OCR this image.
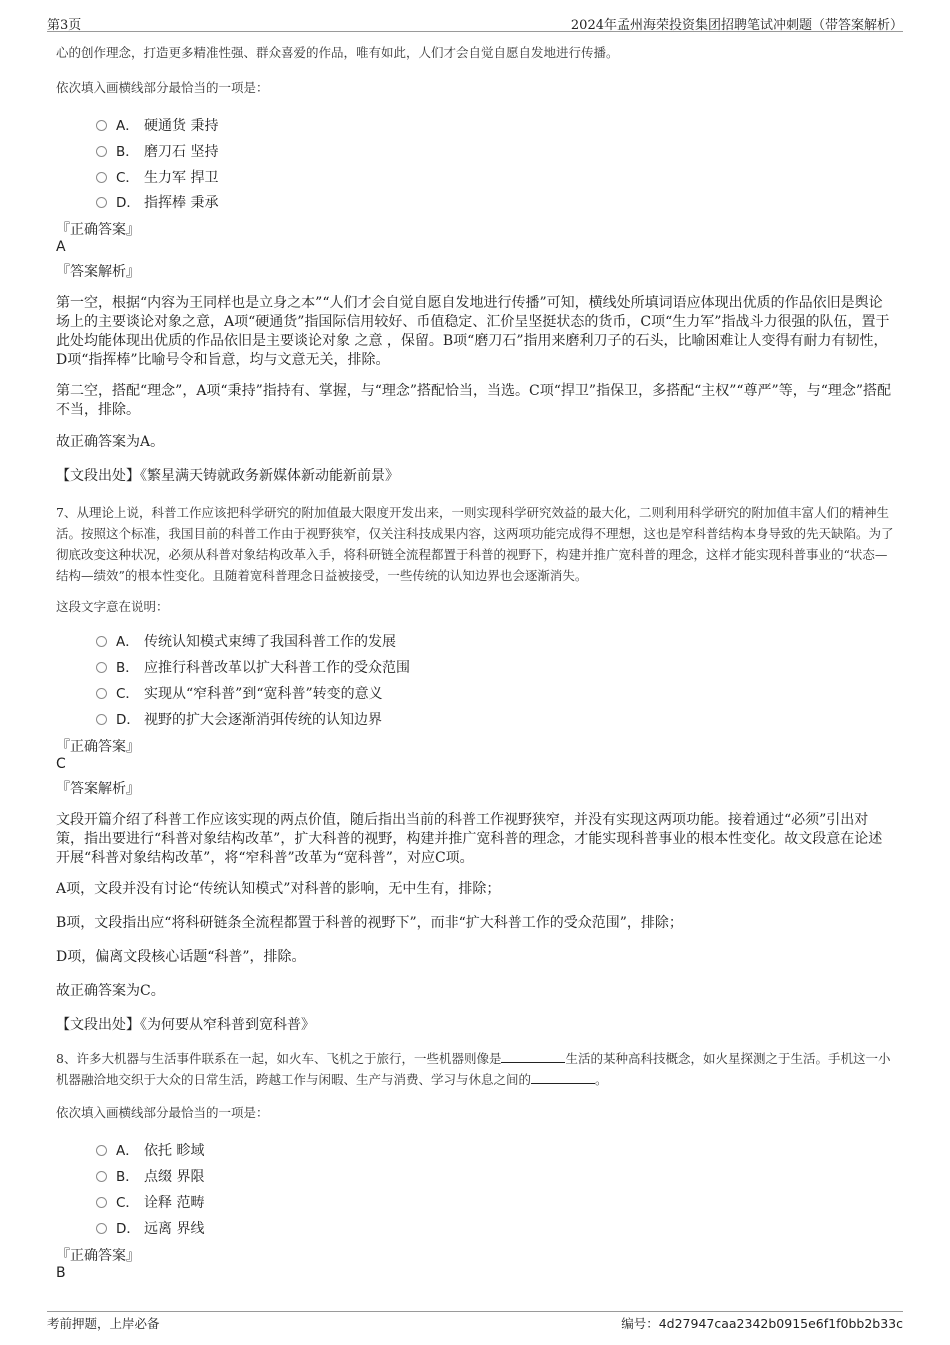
第3页	2024年孟州海荣投资集团招聘笔试冲刺题（带答案解析）
心的创作理念，打造更多精准性强、群众喜爱的作品，唯有如此，人们才会自觉自愿自发地进行传播。
依次填入画横线部分最恰当的一项是：
A． 硬通货 秉持
B． 磨刀石 坚持
C． 生力军 捍卫
D． 指挥棒 秉承
『正确答案』
A
『答案解析』
第一空，根据“内容为王同样也是立身之本”“人们才会自觉自愿自发地进行传播”可知，横线处所填词语应体现出优质的作品依旧是舆论场上的主要谈论对象之意，A项“硬通货”指国际信用较好、币值稳定、汇价呈坚挺状态的货币，C项“生力军”指战斗力很强的队伍，置于此处均能体现出优质的作品依旧是主要谈论对象 之意 ，保留。B项“磨刀石”指用来磨利刀子的石头，比喻困难让人变得有耐力有韧性，D项“指挥棒”比喻号令和旨意，均与文意无关，排除。
第二空，搭配“理念”，A项“秉持”指持有、掌握，与“理念”搭配恰当，当选。C项“捍卫”指保卫，多搭配“主权”“尊严”等，与“理念”搭配不当，排除。
故正确答案为A。
【文段出处】《繁星满天铸就政务新媒体新动能新前景》
7、从理论上说，科普工作应该把科学研究的附加值最大限度开发出来，一则实现科学研究效益的最大化，二则利用科学研究的附加值丰富人们的精神生活。按照这个标准，我国目前的科普工作由于视野狭窄，仅关注科技成果内容，这两项功能完成得不理想，这也是窄科普结构本身导致的先天缺陷。为了彻底改变这种状况，必须从科普对象结构改革入手，将科研链全流程都置于科普的视野下，构建并推广宽科普的理念，这样才能实现科普事业的“状态—结构—绩效”的根本性变化。且随着宽科普理念日益被接受，一些传统的认知边界也会逐渐消失。
这段文字意在说明：
A． 传统认知模式束缚了我国科普工作的发展
B． 应推行科普改革以扩大科普工作的受众范围
C． 实现从“窄科普”到“宽科普”转变的意义
D． 视野的扩大会逐渐消弭传统的认知边界
『正确答案』
C
『答案解析』
文段开篇介绍了科普工作应该实现的两点价值，随后指出当前的科普工作视野狭窄，并没有实现这两项功能。接着通过“必须”引出对策，指出要进行“科普对象结构改革”，扩大科普的视野，构建并推广宽科普的理念，才能实现科普事业的根本性变化。故文段意在论述开展“科普对象结构改革”，将“窄科普”改革为“宽科普”，对应C项。
A项，文段并没有讨论“传统认知模式”对科普的影响，无中生有，排除；
B项，文段指出应“将科研链条全流程都置于科普的视野下”，而非“扩大科普工作的受众范围”，排除；
D项，偏离文段核心话题“科普”，排除。
故正确答案为C。
【文段出处】《为何要从窄科普到宽科普》
8、许多大机器与生活事件联系在一起，如火车、飞机之于旅行，一些机器则像是	生活的某种高科技概念，如火星探测之于生活。手机这一小机器融洽地交织于大众的日常生活，跨越工作与闲暇、生产与消费、学习与休息之间的	。
依次填入画横线部分最恰当的一项是：
A． 依托 畛域
B． 点缀 界限
C． 诠释 范畴
D． 远离 界线
『正确答案』
B
考前押题，上岸必备	编号：4d27947caa2342b0915e6f1f0bb2b33c
